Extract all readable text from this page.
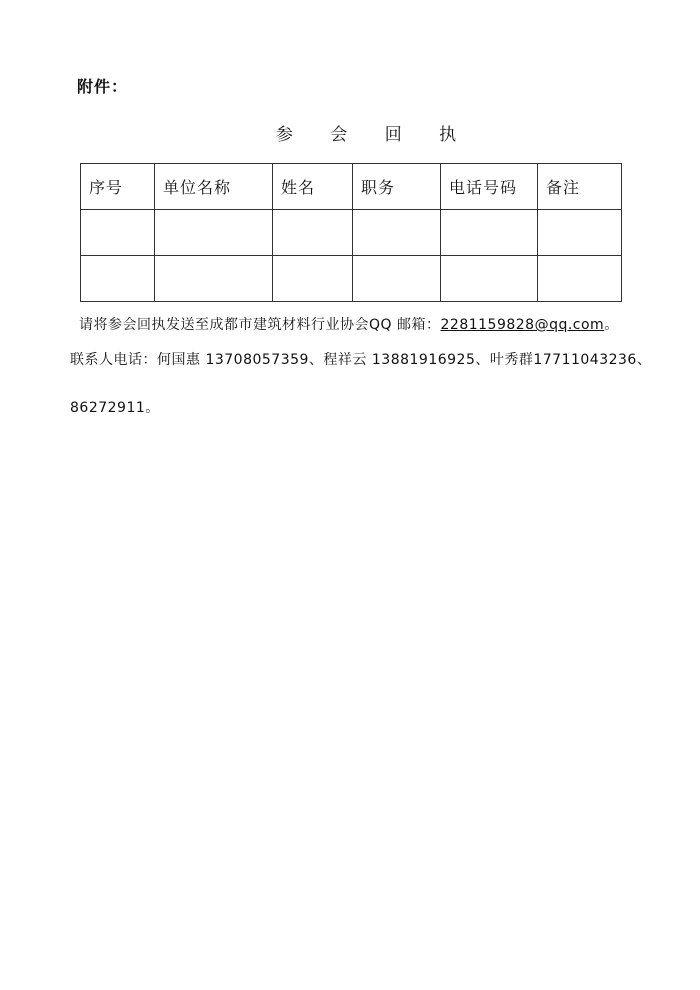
附件：
参 会 回 执
序号	单位名称	姓名	职务	电话号码	备注

请将参会回执发送至成都市建筑材料行业协会QQ 邮箱：2281159828@qq.com。
联系人电话：何国惠 13708057359、程祥云 13881916925、叶秀群17711043236、
86272911。
